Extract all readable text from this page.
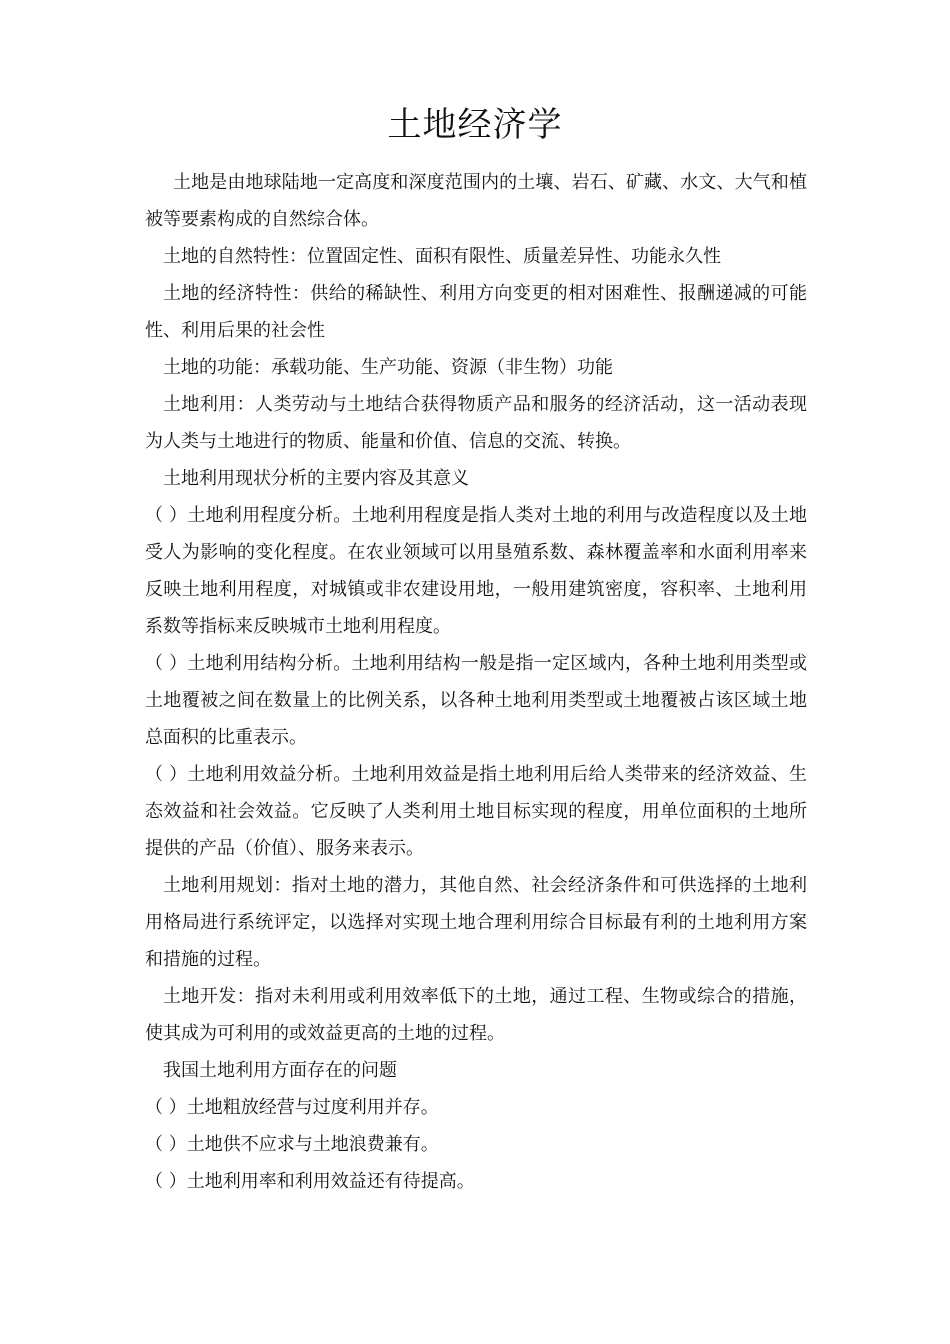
土地经济学

土地是由地球陆地一定高度和深度范围内的土壤、岩石、矿藏、水文、大气和植被等要素构成的自然综合体。

土地的自然特性：位置固定性、面积有限性、质量差异性、功能永久性

土地的经济特性：供给的稀缺性、利用方向变更的相对困难性、报酬递减的可能性、利用后果的社会性

土地的功能：承载功能、生产功能、资源（非生物）功能

土地利用：人类劳动与土地结合获得物质产品和服务的经济活动，这一活动表现为人类与土地进行的物质、能量和价值、信息的交流、转换。

土地利用现状分析的主要内容及其意义

（ ）土地利用程度分析。土地利用程度是指人类对土地的利用与改造程度以及土地受人为影响的变化程度。在农业领域可以用垦殖系数、森林覆盖率和水面利用率来反映土地利用程度，对城镇或非农建设用地，一般用建筑密度，容积率、土地利用系数等指标来反映城市土地利用程度。

（ ）土地利用结构分析。土地利用结构一般是指一定区域内，各种土地利用类型或土地覆被之间在数量上的比例关系，以各种土地利用类型或土地覆被占该区域土地总面积的比重表示。

（ ）土地利用效益分析。土地利用效益是指土地利用后给人类带来的经济效益、生态效益和社会效益。它反映了人类利用土地目标实现的程度，用单位面积的土地所提供的产品（价值）、服务来表示。

土地利用规划：指对土地的潜力，其他自然、社会经济条件和可供选择的土地利用格局进行系统评定，以选择对实现土地合理利用综合目标最有利的土地利用方案和措施的过程。

土地开发：指对未利用或利用效率低下的土地，通过工程、生物或综合的措施，使其成为可利用的或效益更高的土地的过程。

我国土地利用方面存在的问题

（ ）土地粗放经营与过度利用并存。

（ ）土地供不应求与土地浪费兼有。

（ ）土地利用率和利用效益还有待提高。
